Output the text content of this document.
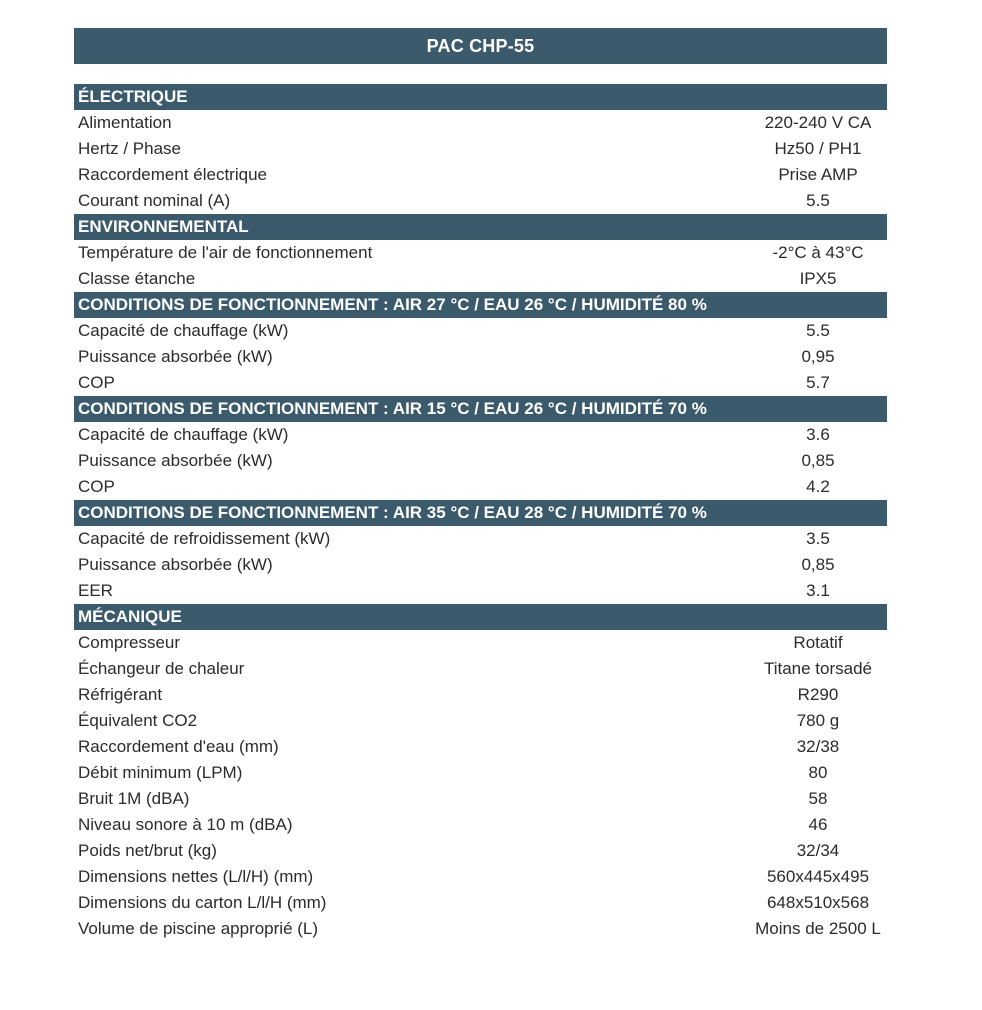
PAC CHP-55
ÉLECTRIQUE
Alimentation	220-240 V CA
Hertz / Phase	Hz50 / PH1
Raccordement électrique	Prise AMP
Courant nominal (A)	5.5
ENVIRONNEMENTAL
Température de l'air de fonctionnement	-2°C à 43°C
Classe étanche	IPX5
CONDITIONS DE FONCTIONNEMENT : AIR 27 °C / EAU 26 °C / HUMIDITÉ 80 %
Capacité de chauffage (kW)	5.5
Puissance absorbée (kW)	0,95
COP	5.7
CONDITIONS DE FONCTIONNEMENT : AIR 15 °C / EAU 26 °C / HUMIDITÉ 70 %
Capacité de chauffage (kW)	3.6
Puissance absorbée (kW)	0,85
COP	4.2
CONDITIONS DE FONCTIONNEMENT : AIR 35 °C / EAU 28 °C / HUMIDITÉ 70 %
Capacité de refroidissement (kW)	3.5
Puissance absorbée (kW)	0,85
EER	3.1
MÉCANIQUE
Compresseur	Rotatif
Échangeur de chaleur	Titane torsadé
Réfrigérant	R290
Équivalent CO2	780 g
Raccordement d'eau (mm)	32/38
Débit minimum (LPM)	80
Bruit 1M (dBA)	58
Niveau sonore à 10 m (dBA)	46
Poids net/brut (kg)	32/34
Dimensions nettes (L/l/H) (mm)	560x445x495
Dimensions du carton L/l/H (mm)	648x510x568
Volume de piscine approprié (L)	Moins de 2500 L
